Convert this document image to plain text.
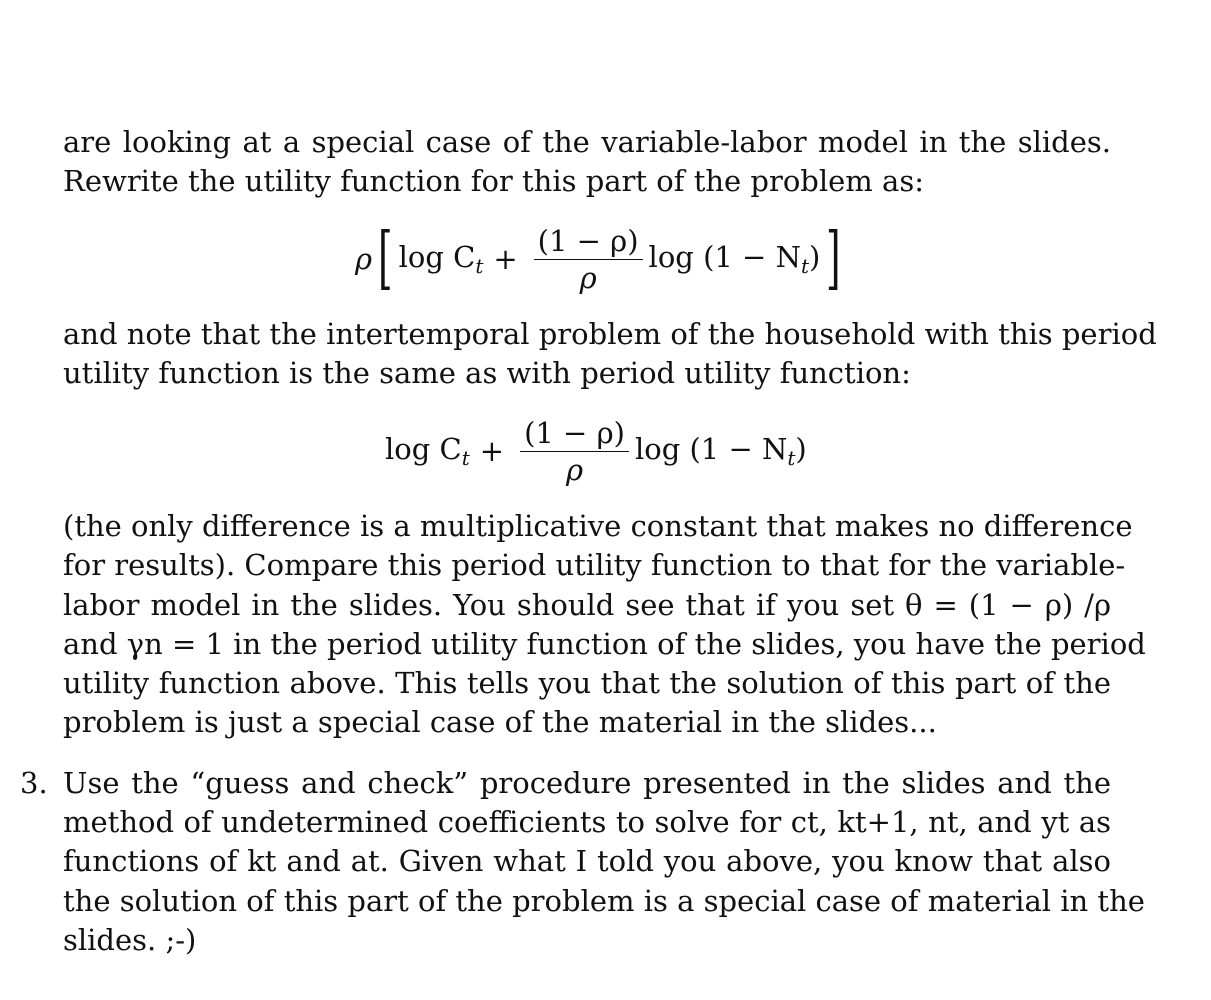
are looking at a special case of the variable-labor model in the slides.
Rewrite the utility function for this part of the problem as:
ρ [ $\log C_t + \frac{(1 - \rho)}{\rho}$ $\log (1 - N_t)$ ]
and note that the intertemporal problem of the household with this period
utility function is the same as with period utility function:
$\log C_t + \frac{(1 - \rho)}{\rho}$ $\log (1 - N_t)$
(the only difference is a multiplicative constant that makes no difference
for results). Compare this period utility function to that for the variable-
labor model in the slides. You should see that if you set θ = (1 − ρ) /ρ
and γn = 1 in the period utility function of the slides, you have the period
utility function above. This tells you that the solution of this part of the
problem is just a special case of the material in the slides...
3. Use the “guess and check” procedure presented in the slides and the
method of undetermined coefficients to solve for ct, kt+1, nt, and yt as
functions of kt and at. Given what I told you above, you know that also
the solution of this part of the problem is a special case of material in the
slides. ;-)
